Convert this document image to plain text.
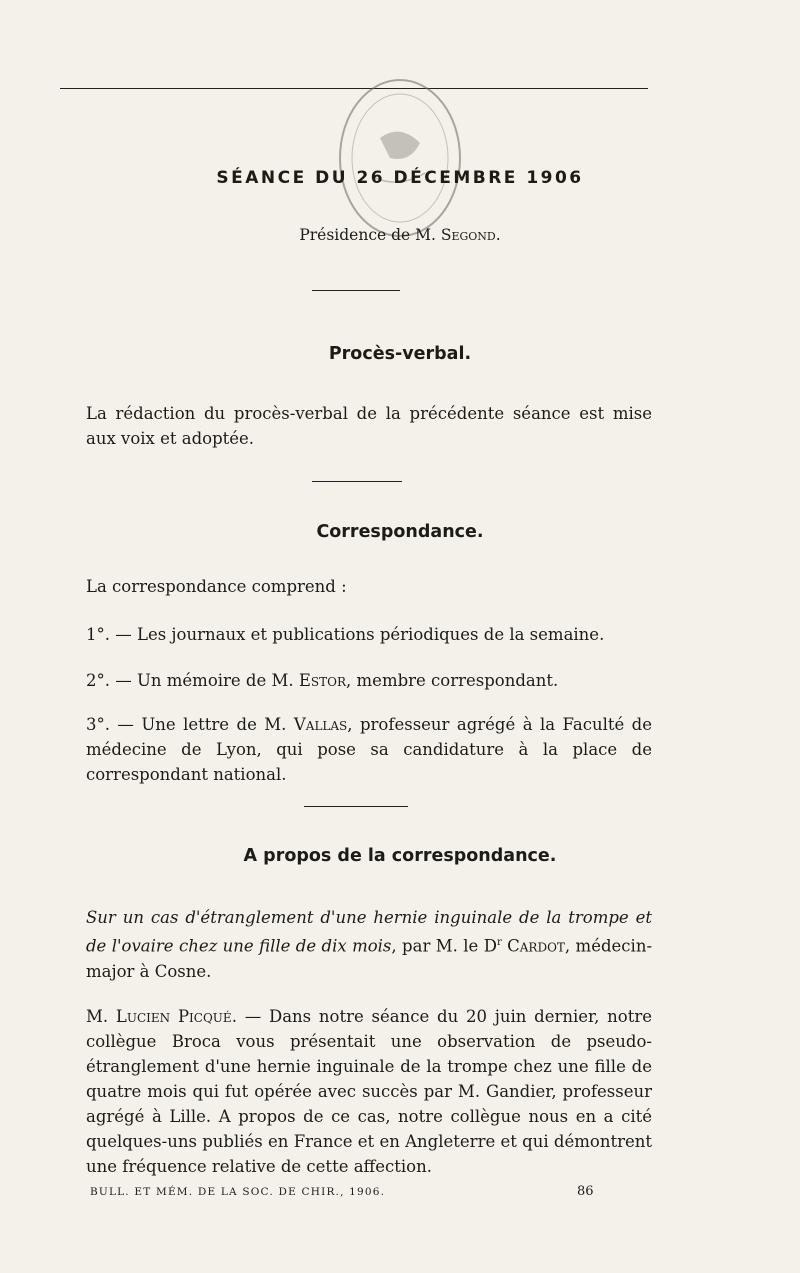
SÉANCE DU 26 DÉCEMBRE 1906
Présidence de M. Segond.
Procès-verbal.

La rédaction du procès-verbal de la précédente séance est mise aux voix et adoptée.

Correspondance.

La correspondance comprend :

1°. — Les journaux et publications périodiques de la semaine.

2°. — Un mémoire de M. Estor, membre correspondant.

3°. — Une lettre de M. Vallas, professeur agrégé à la Faculté de médecine de Lyon, qui pose sa candidature à la place de correspondant national.

A propos de la correspondance.

Sur un cas d'étranglement d'une hernie inguinale de la trompe et de l'ovaire chez une fille de dix mois, par M. le $D^r$ Cardot, médecin-major à Cosne.

M. Lucien Picqué. — Dans notre séance du 20 juin dernier, notre collègue Broca vous présentait une observation de pseudo-étranglement d'une hernie inguinale de la trompe chez une fille de quatre mois qui fut opérée avec succès par M. Gandier, professeur agrégé à Lille. A propos de ce cas, notre collègue nous en a cité quelques-uns publiés en France et en Angleterre et qui démontrent une fréquence relative de cette affection.

BULL. ET MÉM. DE LA SOC. DE CHIR., 1906.	86
